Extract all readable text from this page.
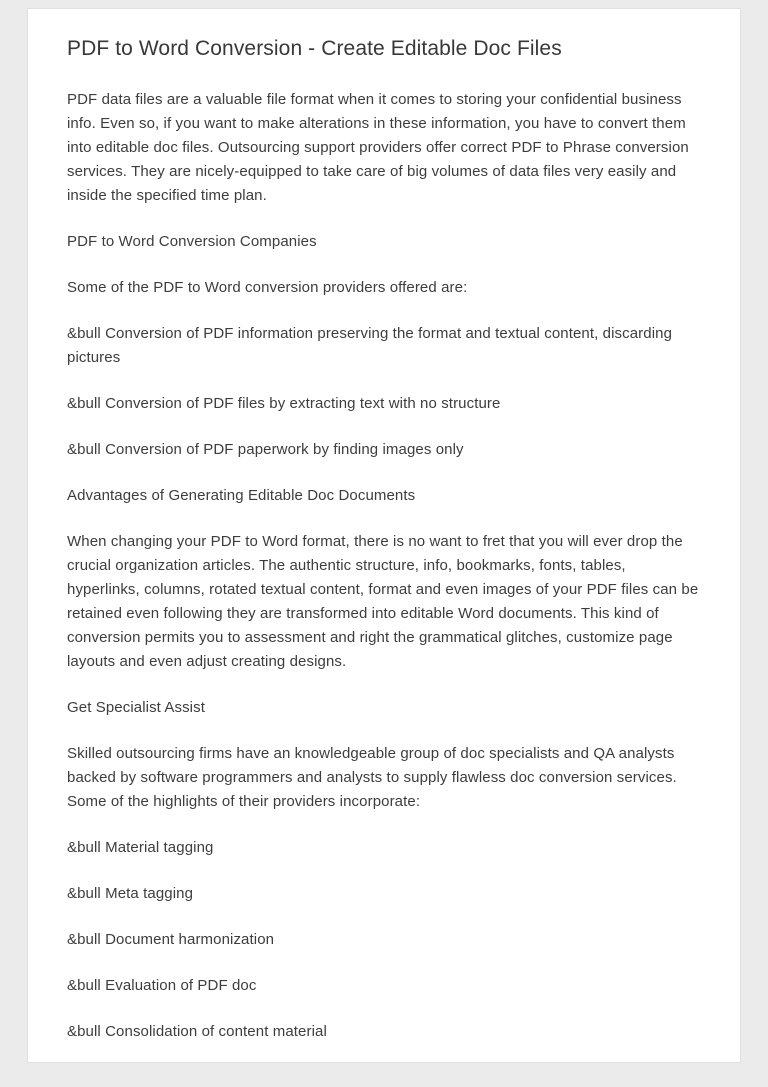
PDF to Word Conversion - Create Editable Doc Files

PDF data files are a valuable file format when it comes to storing your confidential business info. Even so, if you want to make alterations in these information, you have to convert them into editable doc files. Outsourcing support providers offer correct PDF to Phrase conversion services. They are nicely-equipped to take care of big volumes of data files very easily and inside the specified time plan.

PDF to Word Conversion Companies

Some of the PDF to Word conversion providers offered are:

&bull Conversion of PDF information preserving the format and textual content, discarding pictures

&bull Conversion of PDF files by extracting text with no structure

&bull Conversion of PDF paperwork by finding images only

Advantages of Generating Editable Doc Documents

When changing your PDF to Word format, there is no want to fret that you will ever drop the crucial organization articles. The authentic structure, info, bookmarks, fonts, tables, hyperlinks, columns, rotated textual content, format and even images of your PDF files can be retained even following they are transformed into editable Word documents. This kind of conversion permits you to assessment and right the grammatical glitches, customize page layouts and even adjust creating designs.

Get Specialist Assist

Skilled outsourcing firms have an knowledgeable group of doc specialists and QA analysts backed by software programmers and analysts to supply flawless doc conversion services. Some of the highlights of their providers incorporate:

&bull Material tagging

&bull Meta tagging

&bull Document harmonization

&bull Evaluation of PDF doc

&bull Consolidation of content material
